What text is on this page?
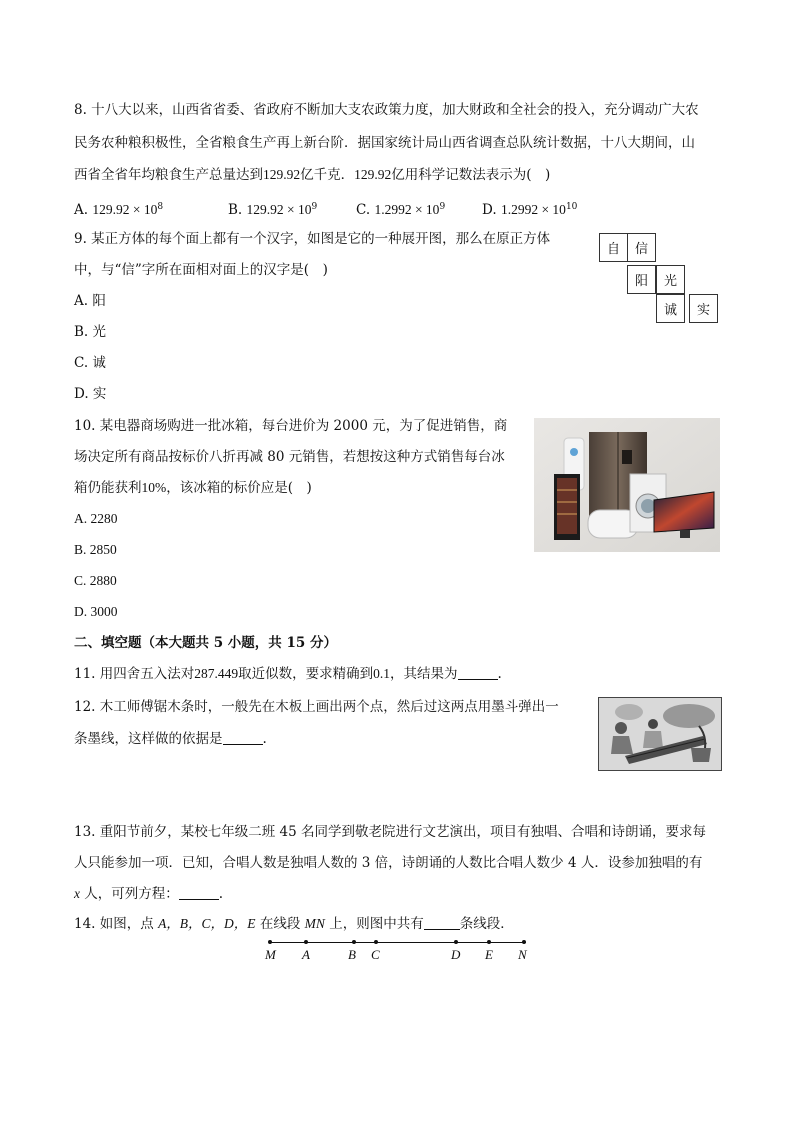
8. 十八大以来，山西省省委、省政府不断加大支农政策力度，加大财政和全社会的投入，充分调动广大农
民务农种粮积极性，全省粮食生产再上新台阶．据国家统计局山西省调查总队统计数据，十八大期间，山
西省全省年均粮食生产总量达到129.92亿千克．129.92亿用科学记数法表示为(　)
A. $129.92 \times 10^8$	B. $129.92 \times 10^9$	C. $1.2992 \times 10^9$	D. $1.2992 \times 10^{10}$
9. 某正方体的每个面上都有一个汉字，如图是它的一种展开图，那么在原正方体
中，与“信”字所在面相对面上的汉字是(　)
A. 阳
B. 光
C. 诚
D. 实
自	信
阳	光
诚	实
10. 某电器商场购进一批冰箱，每台进价为 2000 元，为了促进销售，商
场决定所有商品按标价八折再减 80 元销售，若想按这种方式销售每台冰
箱仍能获利10%，该冰箱的标价应是(　)
A. 2280
B. 2850
C. 2880
D. 3000
二、填空题（本大题共 5 小题，共 15 分）
11. 用四舍五入法对287.449取近似数，要求精确到0.1，其结果为	.
12. 木工师傅锯木条时，一般先在木板上画出两个点，然后过这两点用墨斗弹出一
条墨线，这样做的依据是	.
13. 重阳节前夕，某校七年级二班 45 名同学到敬老院进行文艺演出，项目有独唱、合唱和诗朗诵，要求每
人只能参加一项．已知，合唱人数是独唱人数的 3 倍，诗朗诵的人数比合唱人数少 4 人．设参加独唱的有
x 人，可列方程：	.
14. 如图，点 A，B，C，D，E 在线段 MN 上，则图中共有	条线段．
M A	B C	D E N
